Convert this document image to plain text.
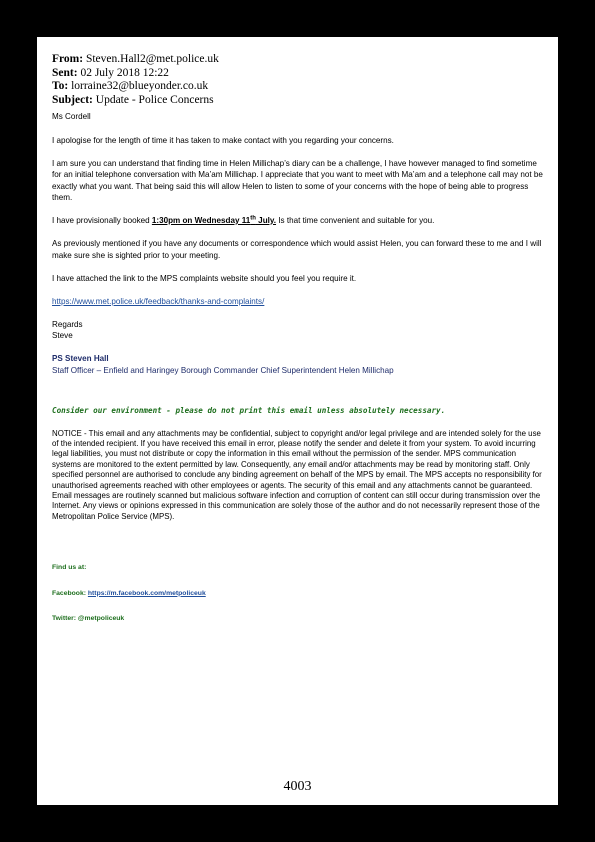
From: Steven.Hall2@met.police.uk
Sent: 02 July 2018 12:22
To: lorraine32@blueyonder.co.uk
Subject: Update - Police Concerns

Ms Cordell

I apologise for the length of time it has taken to make contact with you regarding your concerns.

I am sure you can understand that finding time in Helen Millichap’s diary can be a challenge, I have however managed to find sometime for an initial telephone conversation with Ma’am Millichap. I appreciate that you want to meet with Ma’am and a telephone call may not be exactly what you want. That being said this will allow Helen to listen to some of your concerns with the hope of being able to progress them.

I have provisionally booked 1:30pm on Wednesday 11th July. Is that time convenient and suitable for you.

As previously mentioned if you have any documents or correspondence which would assist Helen, you can forward these to me and I will make sure she is sighted prior to your meeting.

I have attached the link to the MPS complaints website should you feel you require it.

https://www.met.police.uk/feedback/thanks-and-complaints/

Regards

Steve

PS Steven Hall
Staff Officer – Enfield and Haringey Borough Commander Chief Superintendent Helen Millichap
Consider our environment - please do not print this email unless absolutely necessary.
NOTICE - This email and any attachments may be confidential, subject to copyright and/or legal privilege and are intended solely for the use of the intended recipient. If you have received this email in error, please notify the sender and delete it from your system. To avoid incurring legal liabilities, you must not distribute or copy the information in this email without the permission of the sender. MPS communication systems are monitored to the extent permitted by law. Consequently, any email and/or attachments may be read by monitoring staff. Only specified personnel are authorised to conclude any binding agreement on behalf of the MPS by email. The MPS accepts no responsibility for unauthorised agreements reached with other employees or agents. The security of this email and any attachments cannot be guaranteed. Email messages are routinely scanned but malicious software infection and corruption of content can still occur during transmission over the Internet. Any views or opinions expressed in this communication are solely those of the author and do not necessarily represent those of the Metropolitan Police Service (MPS).
Find us at:
Facebook: https://m.facebook.com/metpoliceuk
Twitter: @metpoliceuk
4003
